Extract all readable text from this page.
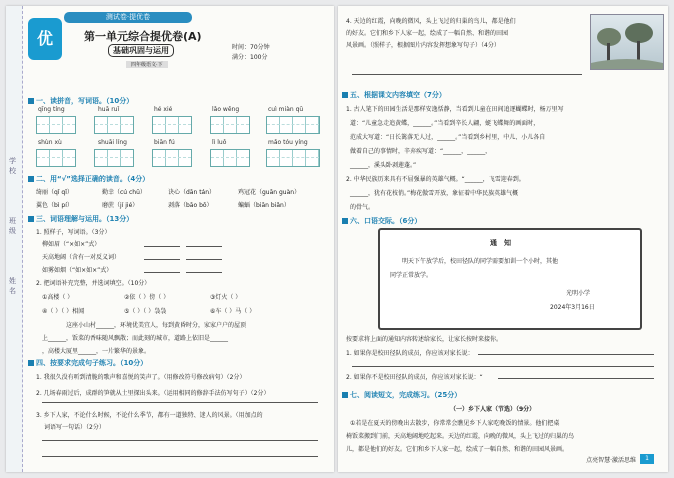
学校
班级
姓名
优
测试卷·提优卷
第一单元综合提优卷(A)
基础巩固与运用
四年级语文·下
时间：70分钟
满分：100分
一、读拼音，写词语。（10分）
qīng tíng	huā ruǐ	hé xié	lǎo wēng	cuì miàn qū
shùn xù	shuāi líng	biān fú	lì luǒ	mǎo tóu yíng
二、用“√”选择正确的读音。（4分）
绮丽（qǐ qǐ）	勤幸（cú chū）	诀心（dān tán）	鸡冠花（guān guàn）
翼色（bì pí）	磨蔗（jí jié）	剥落（bāo bō）	蝙蝠（biān biǎn）
三、词语理解与运用。（13分）
1. 照样子，写词语。（3分）
柳如眉（“×如×”式）
天高地阔（含有一对反义词）
如雾如烟（“如×如×”式）
2. 把词语补充完整，并选词填空。（10分）
①高楼（ ）	②依（ ）傍（ ）	③灯火（ ）
④（ ）（ ）相闻	⑤（ ）（ ）袅袅	⑥车（ ）马（ ）
这座小山村______，环境优美宜人，每到黄昏时分，家家户户的屋顶
上______，饭菜的香味随风飘散；而此刻的城市，道路上依旧是______
，高楼大厦里______，一片繁华的景象。
四、按要求完成句子练习。（10分）
1. 我很久没有听到清脆的歌声和喜悦的笑声了。（用修改符号修改病句）（2分）
2. 几场春雨过后，成群的笋就从土里探出头来。（运用相同的修辞手法仿写句子）（2分）
3. 乡下人家，不论什么时候，不论什么季节，都有一道独特、迷人的风景。（用加点的
词语写一句话）（2分）
4. 天边的红霞，向晚的微风，头上飞过的归巢的鸟儿，都是他们
的好友。它们和乡下人家一起，绘成了一幅自然、和谐的田园
风景画。（照样子，根据图片内容发挥想象写句子）（4分）
五、根据课文内容填空（7分）
1. 古人笔下的田园生活是那样安逸恬静，当看到儿童在田间追逐蝴蝶时，杨万里写
道：“儿童急走追黄蝶，______。”当看到辛长人翩，蜓飞蝶舞的画面时，
范成大写道：“日长篱落无人过，______。”当看到乡村里，中儿、小儿各自
做着自己的事情时，辛弃疾写道：“______，______，
______，溪头卧剥莲蓬。”
2. 中华民族历来具有不屈强暴的英雄气概。“______，飞雪迎春到。
______，犹有花枝俏。”梅花傲雪开放，象征着中华民族英雄气概
的骨气。
六、口语交际。（6分）
通　知
明天下午放学后，校田径队的同学需要加训一个小时，其他
同学正常放学。
光明小学
2024年3月16日
按要求将上面的通知内容转述给家长，让家长按时来接你。
1. 如果你是校田径队的成员，你应该对家长说：
2. 如果你不是校田径队的成员，你应该对家长说：“
七、阅读短文，完成练习。（25分）
（一）乡下人家（节选）（9分）
①若是在夏天的傍晚出去散步，你常常会瞧见乡下人家吃晚饭的情景。他们把桌
椅饭菜搬到门前，天高地阔地吃起来。天边的红霞，向晚的微风，头上飞过的归巢的鸟
儿，都是他们的好友。它们和乡下人家一起，绘成了一幅自然、和谐的田园风景画。
点亮智慧·激活思维	1
